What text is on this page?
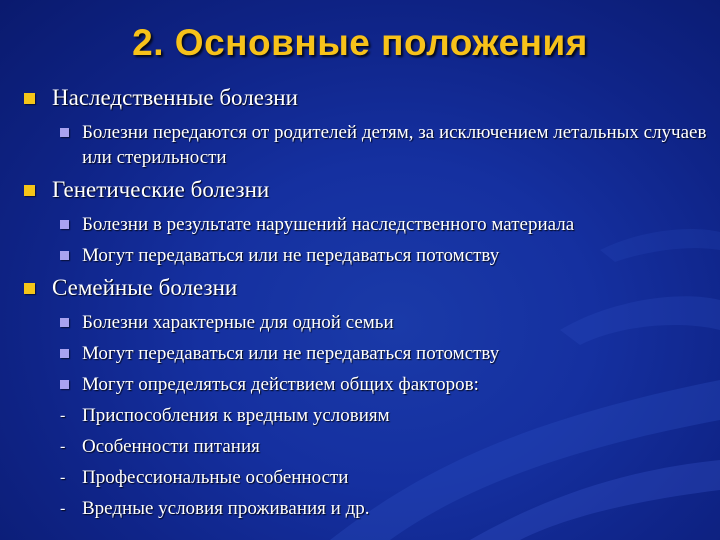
2. Основные положения
Наследственные болезни
Болезни передаются от родителей детям, за исключением летальных случаев или стерильности
Генетические болезни
Болезни в результате нарушений наследственного материала
Могут передаваться или не передаваться потомству
Семейные болезни
Болезни характерные для одной семьи
Могут передаваться или не передаваться потомству
Могут определяться действием общих факторов:
- Приспособления к вредным условиям
- Особенности питания
- Профессиональные особенности
- Вредные условия проживания и др.
